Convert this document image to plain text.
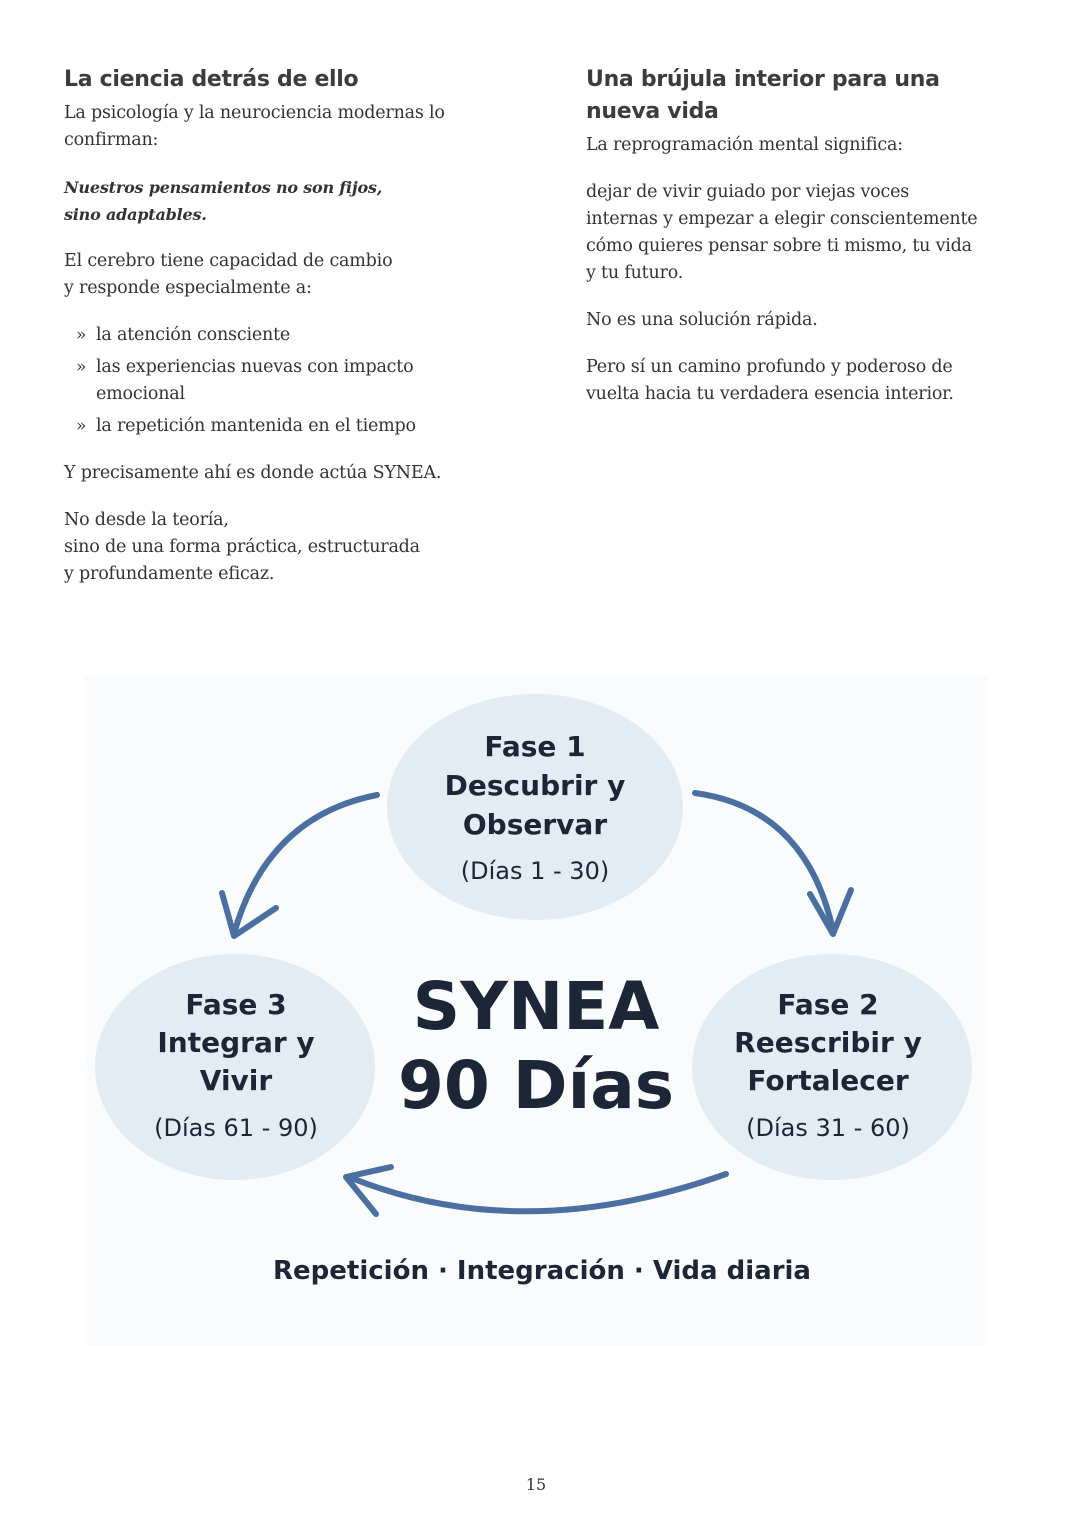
La ciencia detrás de ello

La psicología y la neurociencia modernas lo
confirman:

Nuestros pensamientos no son fijos,
sino adaptables.

El cerebro tiene capacidad de cambio
y responde especialmente a:

» la atención consciente
» las experiencias nuevas con impacto emocional
» la repetición mantenida en el tiempo

Y precisamente ahí es donde actúa SYNEA.

No desde la teoría,
sino de una forma práctica, estructurada
y profundamente eficaz.

Una brújula interior para una nueva vida

La reprogramación mental significa:

dejar de vivir guiado por viejas voces internas y empezar a elegir conscientemente cómo quieres pensar sobre ti mismo, tu vida y tu futuro.

No es una solución rápida.

Pero sí un camino profundo y poderoso de vuelta hacia tu verdadera esencia interior.

Fase 1
Descubrir y
Observar
(Días 1 - 30)
Fase 2
Reescribir y
Fortalecer
(Días 31 - 60)
Fase 3
Integrar y
Vivir
(Días 61 - 90)
SYNEA
90 Días
Repetición · Integración · Vida diaria
15
